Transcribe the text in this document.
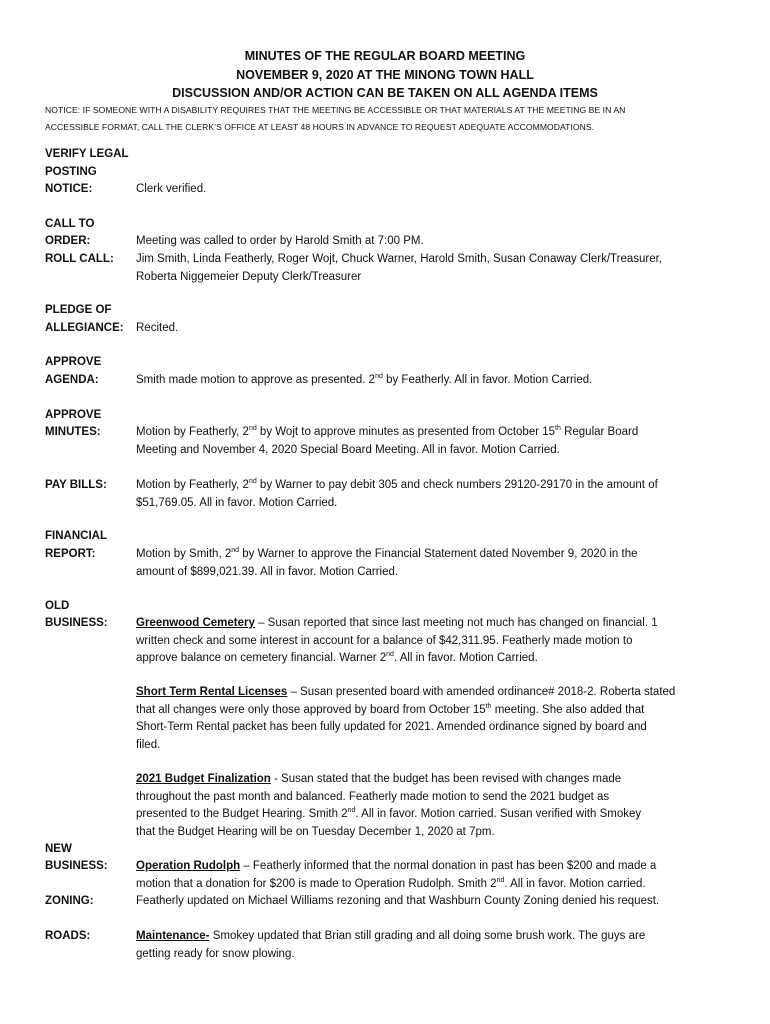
MINUTES OF THE REGULAR BOARD MEETING
NOVEMBER 9, 2020 AT THE MINONG TOWN HALL
DISCUSSION AND/OR ACTION CAN BE TAKEN ON ALL AGENDA ITEMS
NOTICE: IF SOMEONE WITH A DISABILITY REQUIRES THAT THE MEETING BE ACCESSIBLE OR THAT MATERIALS AT THE MEETING BE IN AN
ACCESSIBLE FORMAT, CALL THE CLERK’S OFFICE AT LEAST 48 HOURS IN ADVANCE TO REQUEST ADEQUATE ACCOMMODATIONS.
VERIFY LEGAL
POSTING
NOTICE:	Clerk verified.
CALL TO
ORDER:	Meeting was called to order by Harold Smith at 7:00 PM.
ROLL CALL: Jim Smith, Linda Featherly, Roger Wojt, Chuck Warner, Harold Smith, Susan Conaway Clerk/Treasurer,
Roberta Niggemeier Deputy Clerk/Treasurer
PLEDGE OF
ALLEGIANCE: Recited.
APPROVE
AGENDA:	Smith made motion to approve as presented. 2nd by Featherly. All in favor. Motion Carried.
APPROVE
MINUTES:	Motion by Featherly, 2nd by Wojt to approve minutes as presented from October 15th Regular Board
Meeting and November 4, 2020 Special Board Meeting. All in favor. Motion Carried.
PAY BILLS:	Motion by Featherly, 2nd by Warner to pay debit 305 and check numbers 29120-29170 in the amount of
$51,769.05. All in favor. Motion Carried.
FINANCIAL
REPORT:	Motion by Smith, 2nd by Warner to approve the Financial Statement dated November 9, 2020 in the
amount of $899,021.39. All in favor. Motion Carried.
OLD
BUSINESS: Greenwood Cemetery – Susan reported that since last meeting not much has changed on financial. 1
written check and some interest in account for a balance of $42,311.95. Featherly made motion to
approve balance on cemetery financial. Warner 2nd. All in favor. Motion Carried.
Short Term Rental Licenses – Susan presented board with amended ordinance# 2018-2. Roberta stated
that all changes were only those approved by board from October 15th meeting. She also added that
Short-Term Rental packet has been fully updated for 2021. Amended ordinance signed by board and
filed.
2021 Budget Finalization - Susan stated that the budget has been revised with changes made
throughout the past month and balanced. Featherly made motion to send the 2021 budget as
presented to the Budget Hearing. Smith 2nd. All in favor. Motion carried. Susan verified with Smokey
that the Budget Hearing will be on Tuesday December 1, 2020 at 7pm.
NEW
BUSINESS: Operation Rudolph – Featherly informed that the normal donation in past has been $200 and made a
motion that a donation for $200 is made to Operation Rudolph. Smith 2nd. All in favor. Motion carried.
ZONING:	Featherly updated on Michael Williams rezoning and that Washburn County Zoning denied his request.
ROADS:	Maintenance- Smokey updated that Brian still grading and all doing some brush work. The guys are
getting ready for snow plowing.
